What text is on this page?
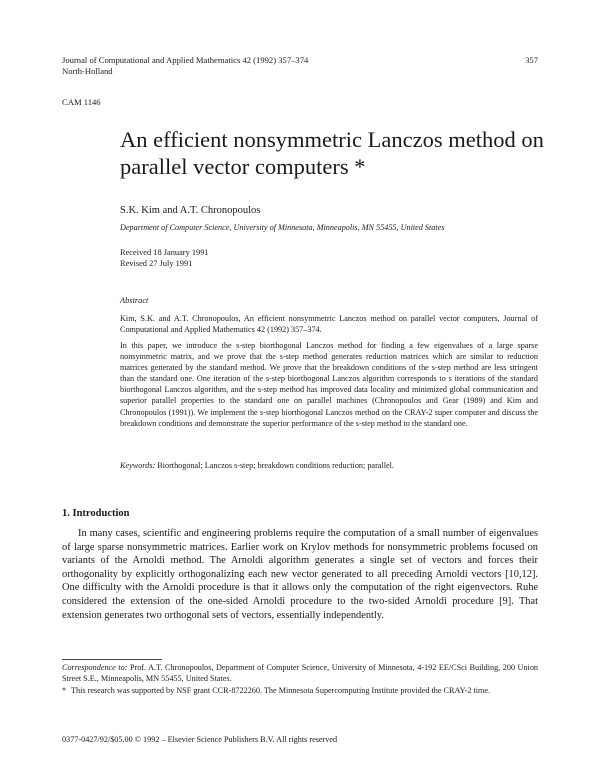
Journal of Computational and Applied Mathematics 42 (1992) 357–374
North-Holland
357
CAM 1146
An efficient nonsymmetric Lanczos method on parallel vector computers *
S.K. Kim and A.T. Chronopoulos
Department of Computer Science, University of Minnesota, Minneapolis, MN 55455, United States
Received 18 January 1991
Revised 27 July 1991
Abstract
Kim, S.K. and A.T. Chronopoulos, An efficient nonsymmetric Lanczos method on parallel vector computers, Journal of Computational and Applied Mathematics 42 (1992) 357–374.

In this paper, we introduce the s-step biorthogonal Lanczos method for finding a few eigenvalues of a large sparse nonsymmetric matrix, and we prove that the s-step method generates reduction matrices which are similar to reduction matrices generated by the standard method. We prove that the breakdown conditions of the s-step method are less stringent than the standard one. One iteration of the s-step biorthogonal Lanczos algorithm corresponds to s iterations of the standard biorthogonal Lanczos algorithm, and the s-step method has improved data locality and minimized global communication and superior parallel properties to the standard one on parallel machines (Chronopoulos and Gear (1989) and Kim and Chronopoulos (1991)). We implement the s-step biorthogonal Lanczos method on the CRAY-2 super computer and discuss the breakdown conditions and demonstrate the superior performance of the s-step method to the standard one.

Keywords: Biorthogonal; Lanczos s-step; breakdown conditions reduction; parallel.
1. Introduction

In many cases, scientific and engineering problems require the computation of a small number of eigenvalues of large sparse nonsymmetric matrices. Earlier work on Krylov methods for nonsymmetric problems focused on variants of the Arnoldi method. The Arnoldi algorithm generates a single set of vectors and forces their orthogonality by explicitly orthogonalizing each new vector generated to all preceding Arnoldi vectors [10,12]. One difficulty with the Arnoldi procedure is that it allows only the computation of the right eigenvectors. Ruhe considered the extension of the one-sided Arnoldi procedure to the two-sided Arnoldi procedure [9]. That extension generates two orthogonal sets of vectors, essentially independently.

Correspondence to: Prof. A.T. Chronopoulos, Department of Computer Science, University of Minnesota, 4-192 EE/CSci Building, 200 Union Street S.E., Minneapolis, MN 55455, United States.
* This research was supported by NSF grant CCR-8722260. The Minnesota Supercomputing Institute provided the CRAY-2 time.
0377-0427/92/$05.00 © 1992 – Elsevier Science Publishers B.V. All rights reserved
